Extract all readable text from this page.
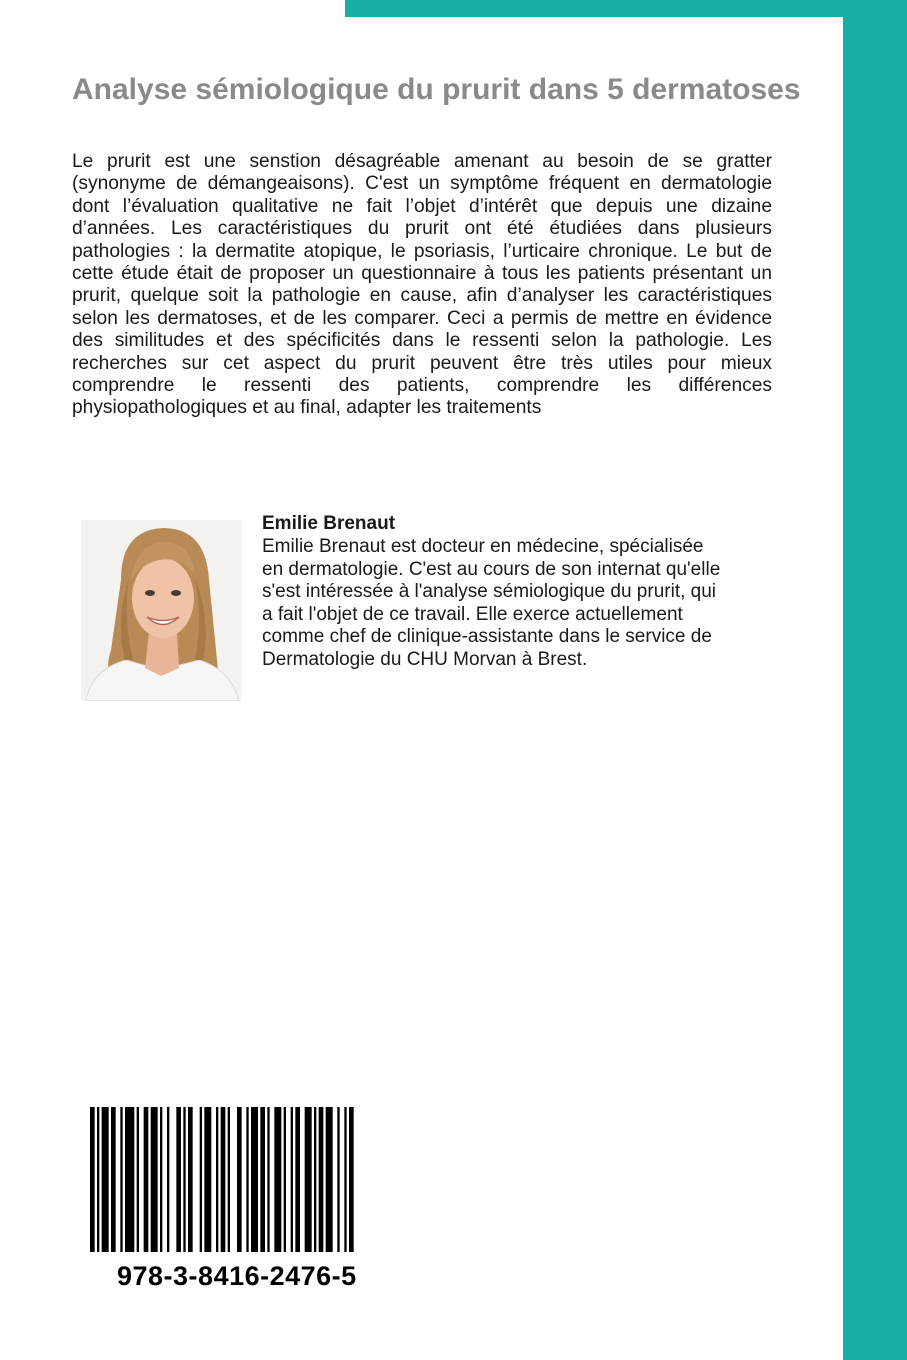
Analyse sémiologique du prurit dans 5 dermatoses

Le prurit est une senstion désagréable amenant au besoin de se gratter (synonyme de démangeaisons). C'est un symptôme fréquent en dermatologie dont l’évaluation qualitative ne fait l’objet d’intérêt que depuis une dizaine d’années. Les caractéristiques du prurit ont été étudiées dans plusieurs pathologies : la dermatite atopique, le psoriasis, l’urticaire chronique. Le but de cette étude était de proposer un questionnaire à tous les patients présentant un prurit, quelque soit la pathologie en cause, afin d’analyser les caractéristiques selon les dermatoses, et de les comparer. Ceci a permis de mettre en évidence des similitudes et des spécificités dans le ressenti selon la pathologie. Les recherches sur cet aspect du prurit peuvent être très utiles pour mieux comprendre le ressenti des patients, comprendre les différences physiopathologiques et au final, adapter les traitements

Emilie Brenaut

Emilie Brenaut est docteur en médecine, spécialisée
en dermatologie. C'est au cours de son internat qu'elle
s'est intéressée à l'analyse sémiologique du prurit, qui
a fait l'objet de ce travail. Elle exerce actuellement
comme chef de clinique-assistante dans le service de
Dermatologie du CHU Morvan à Brest.

978-3-8416-2476-5
